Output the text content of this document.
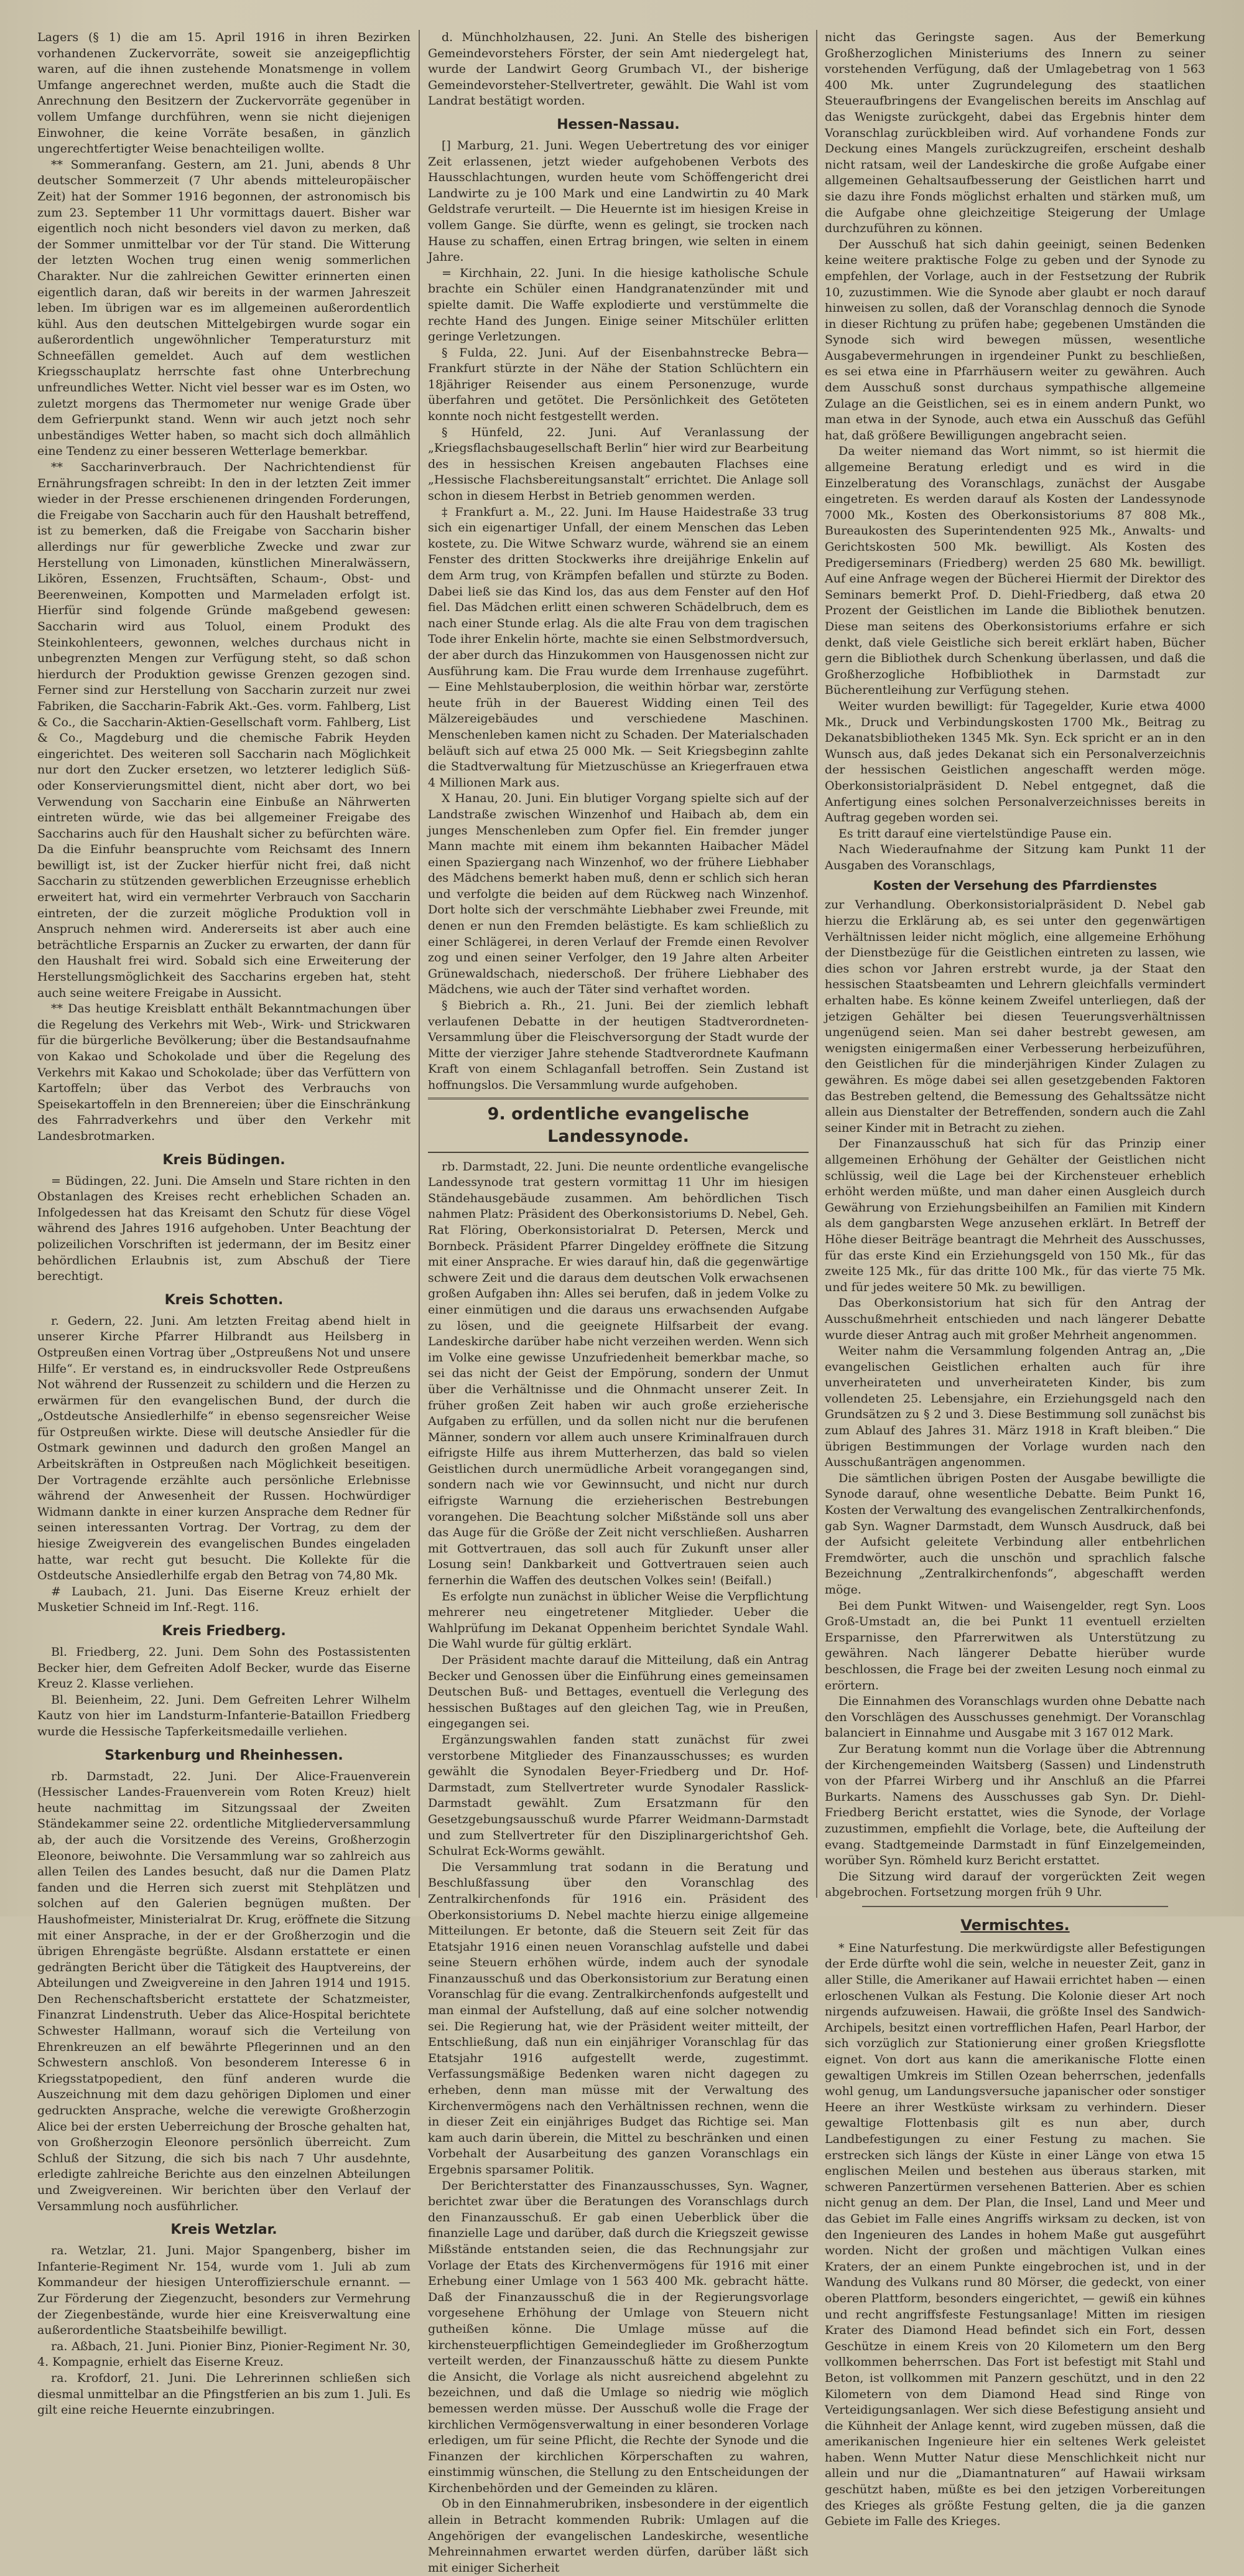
Lagers (§ 1) die am 15. April 1916 in ihren Bezirken vorhandenen Zuckervorräte, soweit sie anzeigepflichtig waren, auf die ihnen zustehende Monatsmenge in vollem Umfange angerechnet werden, mußte auch die Stadt die Anrechnung den Besitzern der Zuckervorräte gegenüber in vollem Umfange durchführen, wenn sie nicht diejenigen Einwohner, die keine Vorräte besaßen, in gänzlich ungerechtfertigter Weise benachteiligen wollte.

** Sommeranfang. Gestern, am 21. Juni, abends 8 Uhr deutscher Sommerzeit (7 Uhr abends mitteleuropäischer Zeit) hat der Sommer 1916 begonnen, der astronomisch bis zum 23. September 11 Uhr vormittags dauert. Bisher war eigentlich noch nicht besonders viel davon zu merken, daß der Sommer unmittelbar vor der Tür stand. Die Witterung der letzten Wochen trug einen wenig sommerlichen Charakter. Nur die zahlreichen Gewitter erinnerten einen eigentlich daran, daß wir bereits in der warmen Jahreszeit leben. Im übrigen war es im allgemeinen außerordentlich kühl. Aus den deutschen Mittelgebirgen wurde sogar ein außerordentlich ungewöhnlicher Temperatursturz mit Schneefällen gemeldet. Auch auf dem westlichen Kriegsschauplatz herrschte fast ohne Unterbrechung unfreundliches Wetter. Nicht viel besser war es im Osten, wo zuletzt morgens das Thermometer nur wenige Grade über dem Gefrierpunkt stand. Wenn wir auch jetzt noch sehr unbeständiges Wetter haben, so macht sich doch allmählich eine Tendenz zu einer besseren Wetterlage bemerkbar.

** Saccharinverbrauch. Der Nachrichtendienst für Ernährungsfragen schreibt: In den in der letzten Zeit immer wieder in der Presse erschienenen dringenden Forderungen, die Freigabe von Saccharin auch für den Haushalt betreffend, ist zu bemerken, daß die Freigabe von Saccharin bisher allerdings nur für gewerbliche Zwecke und zwar zur Herstellung von Limonaden, künstlichen Mineralwässern, Likören, Essenzen, Fruchtsäften, Schaum-, Obst- und Beerenweinen, Kompotten und Marmeladen erfolgt ist. Hierfür sind folgende Gründe maßgebend gewesen: Saccharin wird aus Toluol, einem Produkt des Steinkohlenteers, gewonnen, welches durchaus nicht in unbegrenzten Mengen zur Verfügung steht, so daß schon hierdurch der Produktion gewisse Grenzen gezogen sind. Ferner sind zur Herstellung von Saccharin zurzeit nur zwei Fabriken, die Saccharin-Fabrik Akt.-Ges. vorm. Fahlberg, List & Co., die Saccharin-Aktien-Gesellschaft vorm. Fahlberg, List & Co., Magdeburg und die chemische Fabrik Heyden eingerichtet. Des weiteren soll Saccharin nach Möglichkeit nur dort den Zucker ersetzen, wo letzterer lediglich Süß- oder Konservierungsmittel dient, nicht aber dort, wo bei Verwendung von Saccharin eine Einbuße an Nährwerten eintreten würde, wie das bei allgemeiner Freigabe des Saccharins auch für den Haushalt sicher zu befürchten wäre. Da die Einfuhr beanspruchte vom Reichsamt des Innern bewilligt ist, ist der Zucker hierfür nicht frei, daß nicht Saccharin zu stützenden gewerblichen Erzeugnisse erheblich erweitert hat, wird ein vermehrter Verbrauch von Saccharin eintreten, der die zurzeit mögliche Produktion voll in Anspruch nehmen wird. Andererseits ist aber auch eine beträchtliche Ersparnis an Zucker zu erwarten, der dann für den Haushalt frei wird. Sobald sich eine Erweiterung der Herstellungsmöglichkeit des Saccharins ergeben hat, steht auch seine weitere Freigabe in Aussicht.

** Das heutige Kreisblatt enthält Bekanntmachungen über die Regelung des Verkehrs mit Web-, Wirk- und Strickwaren für die bürgerliche Bevölkerung; über die Bestandsaufnahme von Kakao und Schokolade und über die Regelung des Verkehrs mit Kakao und Schokolade; über das Verfüttern von Kartoffeln; über das Verbot des Verbrauchs von Speisekartoffeln in den Brennereien; über die Einschränkung des Fahrradverkehrs und über den Verkehr mit Landesbrotmarken.

Kreis Büdingen.

= Büdingen, 22. Juni. Die Amseln und Stare richten in den Obstanlagen des Kreises recht erheblichen Schaden an. Infolgedessen hat das Kreisamt den Schutz für diese Vögel während des Jahres 1916 aufgehoben. Unter Beachtung der polizeilichen Vorschriften ist jedermann, der im Besitz einer behördlichen Erlaubnis ist, zum Abschuß der Tiere berechtigt.

Kreis Schotten.

r. Gedern, 22. Juni. Am letzten Freitag abend hielt in unserer Kirche Pfarrer Hilbrandt aus Heilsberg in Ostpreußen einen Vortrag über „Ostpreußens Not und unsere Hilfe“. Er verstand es, in eindrucksvoller Rede Ostpreußens Not während der Russenzeit zu schildern und die Herzen zu erwärmen für den evangelischen Bund, der durch die „Ostdeutsche Ansiedlerhilfe“ in ebenso segensreicher Weise für Ostpreußen wirkte. Diese will deutsche Ansiedler für die Ostmark gewinnen und dadurch den großen Mangel an Arbeitskräften in Ostpreußen nach Möglichkeit beseitigen. Der Vortragende erzählte auch persönliche Erlebnisse während der Anwesenheit der Russen. Hochwürdiger Widmann dankte in einer kurzen Ansprache dem Redner für seinen interessanten Vortrag. Der Vortrag, zu dem der hiesige Zweigverein des evangelischen Bundes eingeladen hatte, war recht gut besucht. Die Kollekte für die Ostdeutsche Ansiedlerhilfe ergab den Betrag von 74,80 Mk.

# Laubach, 21. Juni. Das Eiserne Kreuz erhielt der Musketier Schneid im Inf.-Regt. 116.

Kreis Friedberg.

Bl. Friedberg, 22. Juni. Dem Sohn des Postassistenten Becker hier, dem Gefreiten Adolf Becker, wurde das Eiserne Kreuz 2. Klasse verliehen.

Bl. Beienheim, 22. Juni. Dem Gefreiten Lehrer Wilhelm Kautz von hier im Landsturm-Infanterie-Bataillon Friedberg wurde die Hessische Tapferkeitsmedaille verliehen.

Starkenburg und Rheinhessen.

rb. Darmstadt, 22. Juni. Der Alice-Frauenverein (Hessischer Landes-Frauenverein vom Roten Kreuz) hielt heute nachmittag im Sitzungssaal der Zweiten Ständekammer seine 22. ordentliche Mitgliederversammlung ab, der auch die Vorsitzende des Vereins, Großherzogin Eleonore, beiwohnte. Die Versammlung war so zahlreich aus allen Teilen des Landes besucht, daß nur die Damen Platz fanden und die Herren sich zuerst mit Stehplätzen und solchen auf den Galerien begnügen mußten. Der Haushofmeister, Ministerialrat Dr. Krug, eröffnete die Sitzung mit einer Ansprache, in der er der Großherzogin und die übrigen Ehrengäste begrüßte. Alsdann erstattete er einen gedrängten Bericht über die Tätigkeit des Hauptvereins, der Abteilungen und Zweigvereine in den Jahren 1914 und 1915. Den Rechenschaftsbericht erstattete der Schatzmeister, Finanzrat Lindenstruth. Ueber das Alice-Hospital berichtete Schwester Hallmann, worauf sich die Verteilung von Ehrenkreuzen an elf bewährte Pflegerinnen und an den Schwestern anschloß. Von besonderem Interesse 6 in Kriegsstatpopedient, den fünf anderen wurde die Auszeichnung mit dem dazu gehörigen Diplomen und einer gedruckten Ansprache, welche die verewigte Großherzogin Alice bei der ersten Ueberreichung der Brosche gehalten hat, von Großherzogin Eleonore persönlich überreicht. Zum Schluß der Sitzung, die sich bis nach 7 Uhr ausdehnte, erledigte zahlreiche Berichte aus den einzelnen Abteilungen und Zweigvereinen. Wir berichten über den Verlauf der Versammlung noch ausführlicher.

Kreis Wetzlar.

ra. Wetzlar, 21. Juni. Major Spangenberg, bisher im Infanterie-Regiment Nr. 154, wurde vom 1. Juli ab zum Kommandeur der hiesigen Unteroffizierschule ernannt. — Zur Förderung der Ziegenzucht, besonders zur Vermehrung der Ziegenbestände, wurde hier eine Kreisverwaltung eine außerordentliche Staatsbeihilfe bewilligt.

ra. Aßbach, 21. Juni. Pionier Binz, Pionier-Regiment Nr. 30, 4. Kompagnie, erhielt das Eiserne Kreuz.

ra. Krofdorf, 21. Juni. Die Lehrerinnen schließen sich diesmal unmittelbar an die Pfingstferien an bis zum 1. Juli. Es gilt eine reiche Heuernte einzubringen.

d. Münchholzhausen, 22. Juni. An Stelle des bisherigen Gemeindevorstehers Förster, der sein Amt niedergelegt hat, wurde der Landwirt Georg Grumbach VI., der bisherige Gemeindevorsteher-Stellvertreter, gewählt. Die Wahl ist vom Landrat bestätigt worden.

Hessen-Nassau.

[] Marburg, 21. Juni. Wegen Uebertretung des vor einiger Zeit erlassenen, jetzt wieder aufgehobenen Verbots des Hausschlachtungen, wurden heute vom Schöffengericht drei Landwirte zu je 100 Mark und eine Landwirtin zu 40 Mark Geldstrafe verurteilt. — Die Heuernte ist im hiesigen Kreise in vollem Gange. Sie dürfte, wenn es gelingt, sie trocken nach Hause zu schaffen, einen Ertrag bringen, wie selten in einem Jahre.

= Kirchhain, 22. Juni. In die hiesige katholische Schule brachte ein Schüler einen Handgranatenzünder mit und spielte damit. Die Waffe explodierte und verstümmelte die rechte Hand des Jungen. Einige seiner Mitschüler erlitten geringe Verletzungen.

§ Fulda, 22. Juni. Auf der Eisenbahnstrecke Bebra—Frankfurt stürzte in der Nähe der Station Schlüchtern ein 18jähriger Reisender aus einem Personenzuge, wurde überfahren und getötet. Die Persönlichkeit des Getöteten konnte noch nicht festgestellt werden.

§ Hünfeld, 22. Juni. Auf Veranlassung der „Kriegsflachsbaugesellschaft Berlin“ hier wird zur Bearbeitung des in hessischen Kreisen angebauten Flachses eine „Hessische Flachsbereitungsanstalt“ errichtet. Die Anlage soll schon in diesem Herbst in Betrieb genommen werden.

‡ Frankfurt a. M., 22. Juni. Im Hause Haidestraße 33 trug sich ein eigenartiger Unfall, der einem Menschen das Leben kostete, zu. Die Witwe Schwarz wurde, während sie an einem Fenster des dritten Stockwerks ihre dreijährige Enkelin auf dem Arm trug, von Krämpfen befallen und stürzte zu Boden. Dabei ließ sie das Kind los, das aus dem Fenster auf den Hof fiel. Das Mädchen erlitt einen schweren Schädelbruch, dem es nach einer Stunde erlag. Als die alte Frau von dem tragischen Tode ihrer Enkelin hörte, machte sie einen Selbstmordversuch, der aber durch das Hinzukommen von Hausgenossen nicht zur Ausführung kam. Die Frau wurde dem Irrenhause zugeführt. — Eine Mehlstauberplosion, die weithin hörbar war, zerstörte heute früh in der Bauerest Widding einen Teil des Mälzereigebäudes und verschiedene Maschinen. Menschenleben kamen nicht zu Schaden. Der Materialschaden beläuft sich auf etwa 25 000 Mk. — Seit Kriegsbeginn zahlte die Stadtverwaltung für Mietzuschüsse an Kriegerfrauen etwa 4 Millionen Mark aus.

X Hanau, 20. Juni. Ein blutiger Vorgang spielte sich auf der Landstraße zwischen Winzenhof und Haibach ab, dem ein junges Menschenleben zum Opfer fiel. Ein fremder junger Mann machte mit einem ihm bekannten Haibacher Mädel einen Spaziergang nach Winzenhof, wo der frühere Liebhaber des Mädchens bemerkt haben muß, denn er schlich sich heran und verfolgte die beiden auf dem Rückweg nach Winzenhof. Dort holte sich der verschmähte Liebhaber zwei Freunde, mit denen er nun den Fremden belästigte. Es kam schließlich zu einer Schlägerei, in deren Verlauf der Fremde einen Revolver zog und einen seiner Verfolger, den 19 Jahre alten Arbeiter Grünewaldschach, niederschoß. Der frühere Liebhaber des Mädchens, wie auch der Täter sind verhaftet worden.

§ Biebrich a. Rh., 21. Juni. Bei der ziemlich lebhaft verlaufenen Debatte in der heutigen Stadtverordneten-Versammlung über die Fleischversorgung der Stadt wurde der Mitte der vierziger Jahre stehende Stadtverordnete Kaufmann Kraft von einem Schlaganfall betroffen. Sein Zustand ist hoffnungslos. Die Versammlung wurde aufgehoben.

9. ordentliche evangelische Landessynode.

rb. Darmstadt, 22. Juni. Die neunte ordentliche evangelische Landessynode trat gestern vormittag 11 Uhr im hiesigen Ständehausgebäude zusammen. Am behördlichen Tisch nahmen Platz: Präsident des Oberkonsistoriums D. Nebel, Geh. Rat Flöring, Oberkonsistorialrat D. Petersen, Merck und Bornbeck. Präsident Pfarrer Dingeldey eröffnete die Sitzung mit einer Ansprache. Er wies darauf hin, daß die gegenwärtige schwere Zeit und die daraus dem deutschen Volk erwachsenen großen Aufgaben ihn: Alles sei berufen, daß in jedem Volke zu einer einmütigen und die daraus uns erwachsenden Aufgabe zu lösen, und die geeignete Hilfsarbeit der evang. Landeskirche darüber habe nicht verzeihen werden. Wenn sich im Volke eine gewisse Unzufriedenheit bemerkbar mache, so sei das nicht der Geist der Empörung, sondern der Unmut über die Verhältnisse und die Ohnmacht unserer Zeit. In früher großen Zeit haben wir auch große erzieherische Aufgaben zu erfüllen, und da sollen nicht nur die berufenen Männer, sondern vor allem auch unsere Kriminalfrauen durch eifrigste Hilfe aus ihrem Mutterherzen, das bald so vielen Geistlichen durch unermüdliche Arbeit vorangegangen sind, sondern nach wie vor Gewinnsucht, und nicht nur durch eifrigste Warnung die erzieherischen Bestrebungen vorangehen. Die Beachtung solcher Mißstände soll uns aber das Auge für die Größe der Zeit nicht verschließen. Ausharren mit Gottvertrauen, das soll auch für Zukunft unser aller Losung sein! Dankbarkeit und Gottvertrauen seien auch fernerhin die Waffen des deutschen Volkes sein! (Beifall.)

Es erfolgte nun zunächst in üblicher Weise die Verpflichtung mehrerer neu eingetretener Mitglieder. Ueber die Wahlprüfung im Dekanat Oppenheim berichtet Syndale Wahl. Die Wahl wurde für gültig erklärt.

Der Präsident machte darauf die Mitteilung, daß ein Antrag Becker und Genossen über die Einführung eines gemeinsamen Deutschen Buß- und Bettages, eventuell die Verlegung des hessischen Bußtages auf den gleichen Tag, wie in Preußen, eingegangen sei.

Ergänzungswahlen fanden statt zunächst für zwei verstorbene Mitglieder des Finanzausschusses; es wurden gewählt die Synodalen Beyer-Friedberg und Dr. Hof-Darmstadt, zum Stellvertreter wurde Synodaler Rasslick-Darmstadt gewählt. Zum Ersatzmann für den Gesetzgebungsausschuß wurde Pfarrer Weidmann-Darmstadt und zum Stellvertreter für den Disziplinargerichtshof Geh. Schulrat Eck-Worms gewählt.

Die Versammlung trat sodann in die Beratung und Beschlußfassung über den Voranschlag des Zentralkirchenfonds für 1916 ein. Präsident des Oberkonsistoriums D. Nebel machte hierzu einige allgemeine Mitteilungen. Er betonte, daß die Steuern seit Zeit für das Etatsjahr 1916 einen neuen Voranschlag aufstelle und dabei seine Steuern erhöhen würde, indem auch der synodale Finanzausschuß und das Oberkonsistorium zur Beratung einen Voranschlag für die evang. Zentralkirchenfonds aufgestellt und man einmal der Aufstellung, daß auf eine solcher notwendig sei. Die Regierung hat, wie der Präsident weiter mitteilt, der Entschließung, daß nun ein einjähriger Voranschlag für das Etatsjahr 1916 aufgestellt werde, zugestimmt. Verfassungsmäßige Bedenken waren nicht dagegen zu erheben, denn man müsse mit der Verwaltung des Kirchenvermögens nach den Verhältnissen rechnen, wenn die in dieser Zeit ein einjähriges Budget das Richtige sei. Man kam auch darin überein, die Mittel zu beschränken und einen Vorbehalt der Ausarbeitung des ganzen Voranschlags ein Ergebnis sparsamer Politik.

Der Berichterstatter des Finanzausschusses, Syn. Wagner, berichtet zwar über die Beratungen des Voranschlags durch den Finanzausschuß. Er gab einen Ueberblick über die finanzielle Lage und darüber, daß durch die Kriegszeit gewisse Mißstände entstanden seien, die das Rechnungsjahr zur Vorlage der Etats des Kirchenvermögens für 1916 mit einer Erhebung einer Umlage von 1 563 400 Mk. gebracht hätte. Daß der Finanzausschuß die in der Regierungsvorlage vorgesehene Erhöhung der Umlage von Steuern nicht gutheißen könne. Die Umlage müsse auf die kirchensteuerpflichtigen Gemeindeglieder im Großherzogtum verteilt werden, der Finanzausschuß hätte zu diesem Punkte die Ansicht, die Vorlage als nicht ausreichend abgelehnt zu bezeichnen, und daß die Umlage so niedrig wie möglich bemessen werden müsse. Der Ausschuß wolle die Frage der kirchlichen Vermögensverwaltung in einer besonderen Vorlage erledigen, um für seine Pflicht, die Rechte der Synode und die Finanzen der kirchlichen Körperschaften zu wahren, einstimmig wünschen, die Stellung zu den Entscheidungen der Kirchenbehörden und der Gemeinden zu klären.

Ob in den Einnahmerubriken, insbesondere in der eigentlich allein in Betracht kommenden Rubrik: Umlagen auf die Angehörigen der evangelischen Landeskirche, wesentliche Mehreinnahmen erwartet werden dürfen, darüber läßt sich mit einiger Sicherheit

nicht das Geringste sagen. Aus der Bemerkung Großherzoglichen Ministeriums des Innern zu seiner vorstehenden Verfügung, daß der Umlagebetrag von 1 563 400 Mk. unter Zugrundelegung des staatlichen Steueraufbringens der Evangelischen bereits im Anschlag auf das Wenigste zurückgeht, dabei das Ergebnis hinter dem Voranschlag zurückbleiben wird. Auf vorhandene Fonds zur Deckung eines Mangels zurückzugreifen, erscheint deshalb nicht ratsam, weil der Landeskirche die große Aufgabe einer allgemeinen Gehaltsaufbesserung der Geistlichen harrt und sie dazu ihre Fonds möglichst erhalten und stärken muß, um die Aufgabe ohne gleichzeitige Steigerung der Umlage durchzuführen zu können.

Der Ausschuß hat sich dahin geeinigt, seinen Bedenken keine weitere praktische Folge zu geben und der Synode zu empfehlen, der Vorlage, auch in der Festsetzung der Rubrik 10, zuzustimmen. Wie die Synode aber glaubt er noch darauf hinweisen zu sollen, daß der Voranschlag dennoch die Synode in dieser Richtung zu prüfen habe; gegebenen Umständen die Synode sich wird bewegen müssen, wesentliche Ausgabevermehrungen in irgendeiner Punkt zu beschließen, es sei etwa eine in Pfarrhäusern weiter zu gewähren. Auch dem Ausschuß sonst durchaus sympathische allgemeine Zulage an die Geistlichen, sei es in einem andern Punkt, wo man etwa in der Synode, auch etwa ein Ausschuß das Gefühl hat, daß größere Bewilligungen angebracht seien.

Da weiter niemand das Wort nimmt, so ist hiermit die allgemeine Beratung erledigt und es wird in die Einzelberatung des Voranschlags, zunächst der Ausgabe eingetreten. Es werden darauf als Kosten der Landessynode 7000 Mk., Kosten des Oberkonsistoriums 87 808 Mk., Bureaukosten des Superintendenten 925 Mk., Anwalts- und Gerichtskosten 500 Mk. bewilligt. Als Kosten des Predigerseminars (Friedberg) werden 25 680 Mk. bewilligt. Auf eine Anfrage wegen der Bücherei Hiermit der Direktor des Seminars bemerkt Prof. D. Diehl-Friedberg, daß etwa 20 Prozent der Geistlichen im Lande die Bibliothek benutzen. Diese man seitens des Oberkonsistoriums erfahre er sich denkt, daß viele Geistliche sich bereit erklärt haben, Bücher gern die Bibliothek durch Schenkung überlassen, und daß die Großherzogliche Hofbibliothek in Darmstadt zur Bücherentleihung zur Verfügung stehen.

Weiter wurden bewilligt: für Tagegelder, Kurie etwa 4000 Mk., Druck und Verbindungskosten 1700 Mk., Beitrag zu Dekanatsbibliotheken 1345 Mk. Syn. Eck spricht er an in den Wunsch aus, daß jedes Dekanat sich ein Personalverzeichnis der hessischen Geistlichen angeschafft werden möge. Oberkonsistorialpräsident D. Nebel entgegnet, daß die Anfertigung eines solchen Personalverzeichnisses bereits in Auftrag gegeben worden sei.

Es tritt darauf eine viertelstündige Pause ein.

Nach Wiederaufnahme der Sitzung kam Punkt 11 der Ausgaben des Voranschlags,

Kosten der Versehung des Pfarrdienstes

zur Verhandlung. Oberkonsistorialpräsident D. Nebel gab hierzu die Erklärung ab, es sei unter den gegenwärtigen Verhältnissen leider nicht möglich, eine allgemeine Erhöhung der Dienstbezüge für die Geistlichen eintreten zu lassen, wie dies schon vor Jahren erstrebt wurde, ja der Staat den hessischen Staatsbeamten und Lehrern gleichfalls vermindert erhalten habe. Es könne keinem Zweifel unterliegen, daß der jetzigen Gehälter bei diesen Teuerungsverhältnissen ungenügend seien. Man sei daher bestrebt gewesen, am wenigsten einigermaßen einer Verbesserung herbeizuführen, den Geistlichen für die minderjährigen Kinder Zulagen zu gewähren. Es möge dabei sei allen gesetzgebenden Faktoren das Bestreben geltend, die Bemessung des Gehaltssätze nicht allein aus Dienstalter der Betreffenden, sondern auch die Zahl seiner Kinder mit in Betracht zu ziehen.

Der Finanzausschuß hat sich für das Prinzip einer allgemeinen Erhöhung der Gehälter der Geistlichen nicht schlüssig, weil die Lage bei der Kirchensteuer erheblich erhöht werden müßte, und man daher einen Ausgleich durch Gewährung von Erziehungsbeihilfen an Familien mit Kindern als dem gangbarsten Wege anzusehen erklärt. In Betreff der Höhe dieser Beiträge beantragt die Mehrheit des Ausschusses, für das erste Kind ein Erziehungsgeld von 150 Mk., für das zweite 125 Mk., für das dritte 100 Mk., für das vierte 75 Mk. und für jedes weitere 50 Mk. zu bewilligen.

Das Oberkonsistorium hat sich für den Antrag der Ausschußmehrheit entschieden und nach längerer Debatte wurde dieser Antrag auch mit großer Mehrheit angenommen.

Weiter nahm die Versammlung folgenden Antrag an, „Die evangelischen Geistlichen erhalten auch für ihre unverheirateten und unverheirateten Kinder, bis zum vollendeten 25. Lebensjahre, ein Erziehungsgeld nach den Grundsätzen zu § 2 und 3. Diese Bestimmung soll zunächst bis zum Ablauf des Jahres 31. März 1918 in Kraft bleiben.“ Die übrigen Bestimmungen der Vorlage wurden nach den Ausschußanträgen angenommen.

Die sämtlichen übrigen Posten der Ausgabe bewilligte die Synode darauf, ohne wesentliche Debatte. Beim Punkt 16, Kosten der Verwaltung des evangelischen Zentralkirchenfonds, gab Syn. Wagner Darmstadt, dem Wunsch Ausdruck, daß bei der Aufsicht geleitete Verbindung aller entbehrlichen Fremdwörter, auch die unschön und sprachlich falsche Bezeichnung „Zentralkirchenfonds“, abgeschafft werden möge.

Bei dem Punkt Witwen- und Waisengelder, regt Syn. Loos Groß-Umstadt an, die bei Punkt 11 eventuell erzielten Ersparnisse, den Pfarrerwitwen als Unterstützung zu gewähren. Nach längerer Debatte hierüber wurde beschlossen, die Frage bei der zweiten Lesung noch einmal zu erörtern.

Die Einnahmen des Voranschlags wurden ohne Debatte nach den Vorschlägen des Ausschusses genehmigt. Der Voranschlag balanciert in Einnahme und Ausgabe mit 3 167 012 Mark.

Zur Beratung kommt nun die Vorlage über die Abtrennung der Kirchengemeinden Waitsberg (Sassen) und Lindenstruth von der Pfarrei Wirberg und ihr Anschluß an die Pfarrei Burkarts. Namens des Ausschusses gab Syn. Dr. Diehl-Friedberg Bericht erstattet, wies die Synode, der Vorlage zuzustimmen, empfiehlt die Vorlage, bete, die Aufteilung der evang. Stadtgemeinde Darmstadt in fünf Einzelgemeinden, worüber Syn. Römheld kurz Bericht erstattet.

Die Sitzung wird darauf der vorgerückten Zeit wegen abgebrochen. Fortsetzung morgen früh 9 Uhr.

Vermischtes.

* Eine Naturfestung. Die merkwürdigste aller Befestigungen der Erde dürfte wohl die sein, welche in neuester Zeit, ganz in aller Stille, die Amerikaner auf Hawaii errichtet haben — einen erloschenen Vulkan als Festung. Die Kolonie dieser Art noch nirgends aufzuweisen. Hawaii, die größte Insel des Sandwich-Archipels, besitzt einen vortrefflichen Hafen, Pearl Harbor, der sich vorzüglich zur Stationierung einer großen Kriegsflotte eignet. Von dort aus kann die amerikanische Flotte einen gewaltigen Umkreis im Stillen Ozean beherrschen, jedenfalls wohl genug, um Landungsversuche japanischer oder sonstiger Heere an ihrer Westküste wirksam zu verhindern. Dieser gewaltige Flottenbasis gilt es nun aber, durch Landbefestigungen zu einer Festung zu machen. Sie erstrecken sich längs der Küste in einer Länge von etwa 15 englischen Meilen und bestehen aus überaus starken, mit schweren Panzertürmen versehenen Batterien. Aber es schien nicht genug an dem. Der Plan, die Insel, Land und Meer und das Gebiet im Falle eines Angriffs wirksam zu decken, ist von den Ingenieuren des Landes in hohem Maße gut ausgeführt worden. Nicht der großen und mächtigen Vulkan eines Kraters, der an einem Punkte eingebrochen ist, und in der Wandung des Vulkans rund 80 Mörser, die gedeckt, von einer oberen Plattform, besonders eingerichtet, — gewiß ein kühnes und recht angriffsfeste Festungsanlage! Mitten im riesigen Krater des Diamond Head befindet sich ein Fort, dessen Geschütze in einem Kreis von 20 Kilometern um den Berg vollkommen beherrschen. Das Fort ist befestigt mit Stahl und Beton, ist vollkommen mit Panzern geschützt, und in den 22 Kilometern von dem Diamond Head sind Ringe von Verteidigungsanlagen. Wer sich diese Befestigung ansieht und die Kühnheit der Anlage kennt, wird zugeben müssen, daß die amerikanischen Ingenieure hier ein seltenes Werk geleistet haben. Wenn Mutter Natur diese Menschlichkeit nicht nur allein und nur die „Diamantnaturen“ auf Hawaii wirksam geschützt haben, müßte es bei den jetzigen Vorbereitungen des Krieges als größte Festung gelten, die ja die ganzen Gebiete im Falle des Krieges.
